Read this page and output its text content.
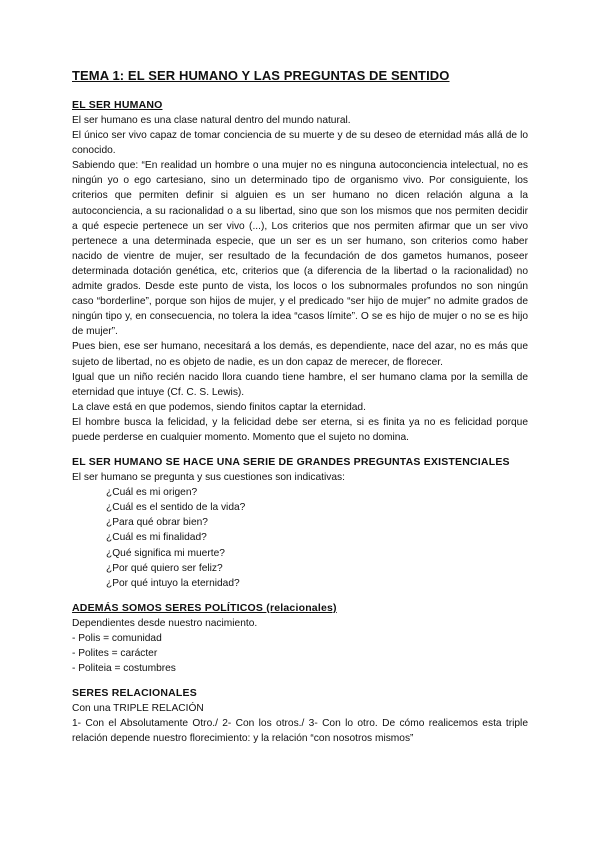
TEMA 1: EL SER HUMANO Y LAS PREGUNTAS DE SENTIDO
EL SER HUMANO

El ser humano es una clase natural dentro del mundo natural.

El único ser vivo capaz de tomar conciencia de su muerte y de su deseo de eternidad más allá de lo conocido.

Sabiendo que: “En realidad un hombre o una mujer no es ninguna autoconciencia intelectual, no es ningún yo o ego cartesiano, sino un determinado tipo de organismo vivo. Por consiguiente, los criterios que permiten definir si alguien es un ser humano no dicen relación alguna a la autoconciencia, a su racionalidad o a su libertad, sino que son los mismos que nos permiten decidir a qué especie pertenece un ser vivo (...), Los criterios que nos permiten afirmar que un ser vivo pertenece a una determinada especie, que un ser es un ser humano, son criterios como haber nacido de vientre de mujer, ser resultado de la fecundación de dos gametos humanos, poseer determinada dotación genética, etc, criterios que (a diferencia de la libertad o la racionalidad) no admite grados. Desde este punto de vista, los locos o los subnormales profundos no son ningún caso “borderline”, porque son hijos de mujer, y el predicado “ser hijo de mujer” no admite grados de ningún tipo y, en consecuencia, no tolera la idea “casos límite”. O se es hijo de mujer o no se es hijo de mujer”.

Pues bien, ese ser humano, necesitará a los demás, es dependiente, nace del azar, no es más que sujeto de libertad, no es objeto de nadie, es un don capaz de merecer, de florecer.

Igual que un niño recién nacido llora cuando tiene hambre, el ser humano clama por la semilla de eternidad que intuye (Cf. C. S. Lewis).

La clave está en que podemos, siendo finitos captar la eternidad.

El hombre busca la felicidad, y la felicidad debe ser eterna, si es finita ya no es felicidad porque puede perderse en cualquier momento. Momento que el sujeto no domina.

EL SER HUMANO SE HACE UNA SERIE DE GRANDES PREGUNTAS EXISTENCIALES

El ser humano se pregunta y sus cuestiones son indicativas:

¿Cuál es mi origen?
¿Cuál es el sentido de la vida?
¿Para qué obrar bien?
¿Cuál es mi finalidad?
¿Qué significa mi muerte?
¿Por qué quiero ser feliz?
¿Por qué intuyo la eternidad?
ADEMÁS SOMOS SERES POLÍTICOS (relacionales)
Dependientes desde nuestro nacimiento.
- Polis = comunidad
- Polites = carácter
- Politeia = costumbres
SERES RELACIONALES
Con una TRIPLE RELACIÓN

1- Con el Absolutamente Otro./ 2- Con los otros./ 3- Con lo otro. De cómo realicemos esta triple relación depende nuestro florecimiento: y la relación “con nosotros mismos”
